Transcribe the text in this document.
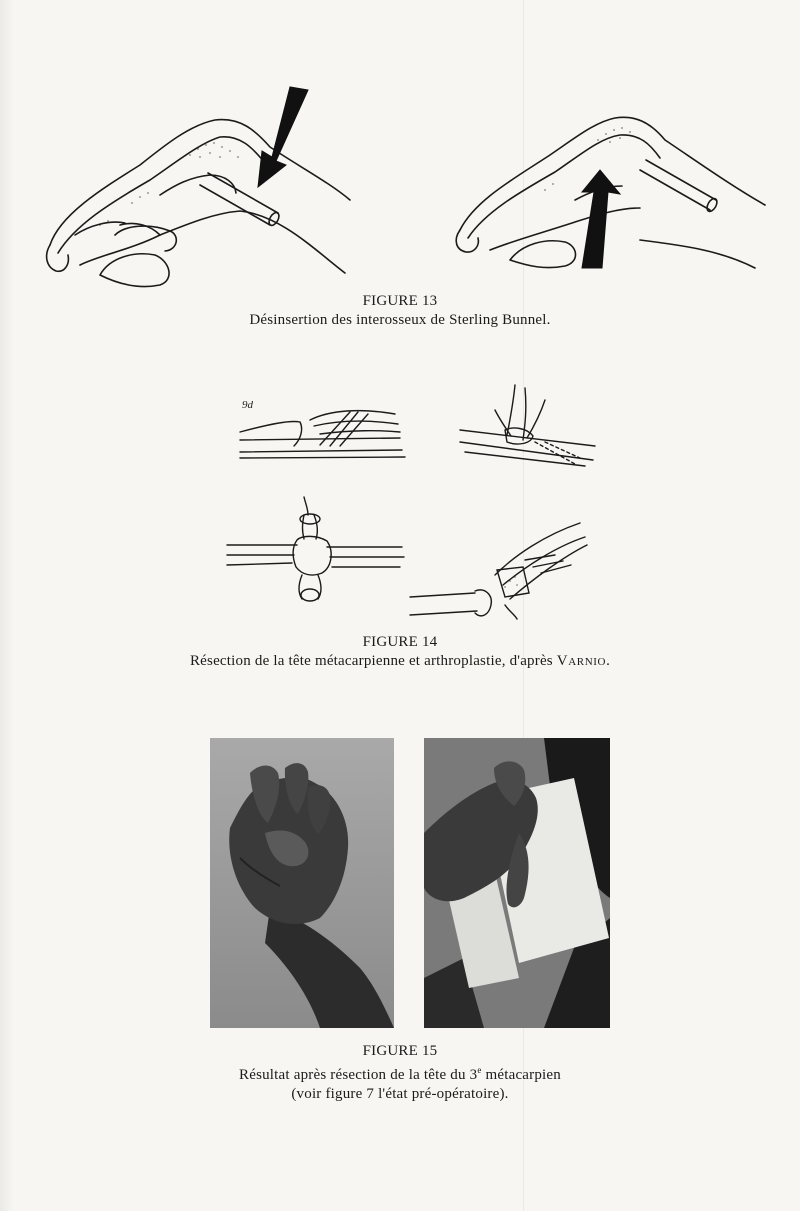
FIGURE 13
Désinsertion des interosseux de Sterling Bunnel.
9d
FIGURE 14
Résection de la tête métacarpienne et arthroplastie, d'après Varnio.
FIGURE 15
Résultat après résection de la tête du 3e métacarpien
(voir figure 7 l'état pré-opératoire).
